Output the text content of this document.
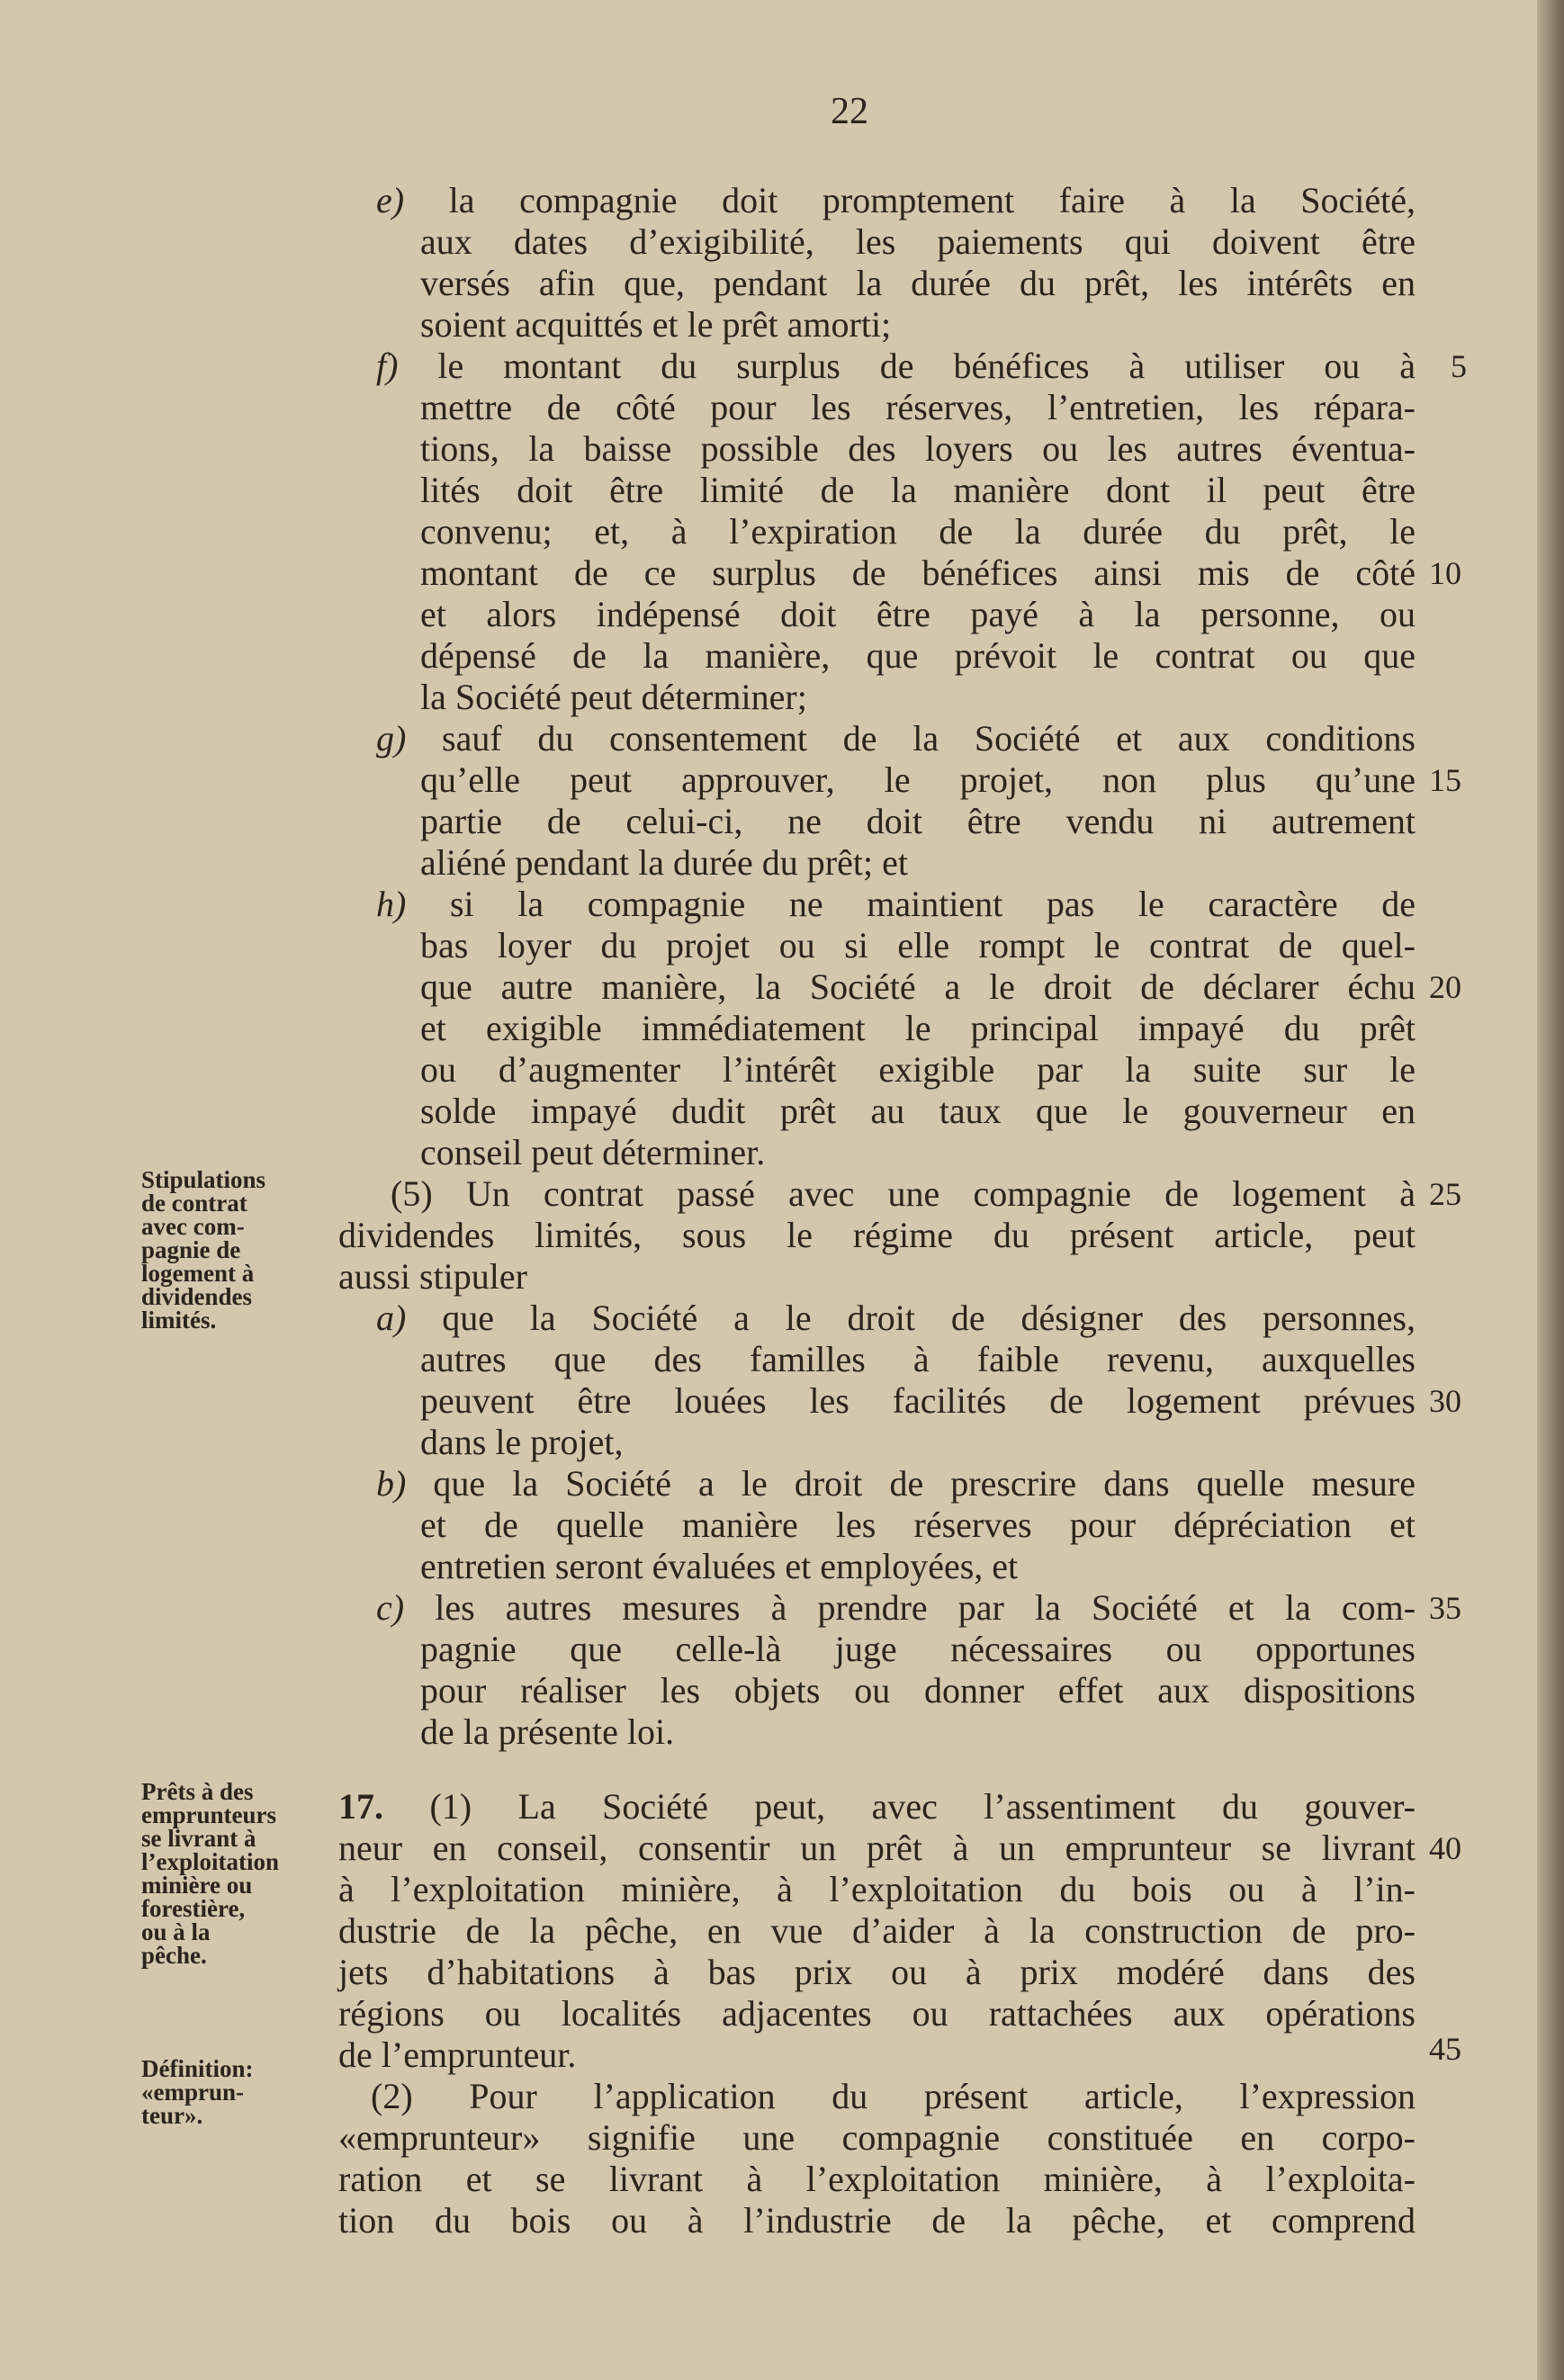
22
e) la compagnie doit promptement faire à la Société,
aux dates d’exigibilité, les paiements qui doivent être
versés afin que, pendant la durée du prêt, les intérêts en
soient acquittés et le prêt amorti;
f) le montant du surplus de bénéfices à utiliser ou à
mettre de côté pour les réserves, l’entretien, les répara-
tions, la baisse possible des loyers ou les autres éventua-
lités doit être limité de la manière dont il peut être
convenu; et, à l’expiration de la durée du prêt, le
montant de ce surplus de bénéfices ainsi mis de côté
et alors indépensé doit être payé à la personne, ou
dépensé de la manière, que prévoit le contrat ou que
la Société peut déterminer;
g) sauf du consentement de la Société et aux conditions
qu’elle peut approuver, le projet, non plus qu’une
partie de celui-ci, ne doit être vendu ni autrement
aliéné pendant la durée du prêt; et
h) si la compagnie ne maintient pas le caractère de
bas loyer du projet ou si elle rompt le contrat de quel-
que autre manière, la Société a le droit de déclarer échu
et exigible immédiatement le principal impayé du prêt
ou d’augmenter l’intérêt exigible par la suite sur le
solde impayé dudit prêt au taux que le gouverneur en
conseil peut déterminer.
(5) Un contrat passé avec une compagnie de logement à
dividendes limités, sous le régime du présent article, peut
aussi stipuler
a) que la Société a le droit de désigner des personnes,
autres que des familles à faible revenu, auxquelles
peuvent être louées les facilités de logement prévues
dans le projet,
b) que la Société a le droit de prescrire dans quelle mesure
et de quelle manière les réserves pour dépréciation et
entretien seront évaluées et employées, et
c) les autres mesures à prendre par la Société et la com-
pagnie que celle-là juge nécessaires ou opportunes
pour réaliser les objets ou donner effet aux dispositions
de la présente loi.
17. (1) La Société peut, avec l’assentiment du gouver-
neur en conseil, consentir un prêt à un emprunteur se livrant
à l’exploitation minière, à l’exploitation du bois ou à l’in-
dustrie de la pêche, en vue d’aider à la construction de pro-
jets d’habitations à bas prix ou à prix modéré dans des
régions ou localités adjacentes ou rattachées aux opérations
de l’emprunteur.
(2) Pour l’application du présent article, l’expression
«emprunteur» signifie une compagnie constituée en corpo-
ration et se livrant à l’exploitation minière, à l’exploita-
tion du bois ou à l’industrie de la pêche, et comprend
5
10
15
20
25
30
35
40
45
Stipulations
de contrat
avec com-
pagnie de
logement à
dividendes
limités.
Prêts à des
emprunteurs
se livrant à
l’exploitation
minière ou
forestière,
ou à la
pêche.
Définition:
«emprun-
teur».
